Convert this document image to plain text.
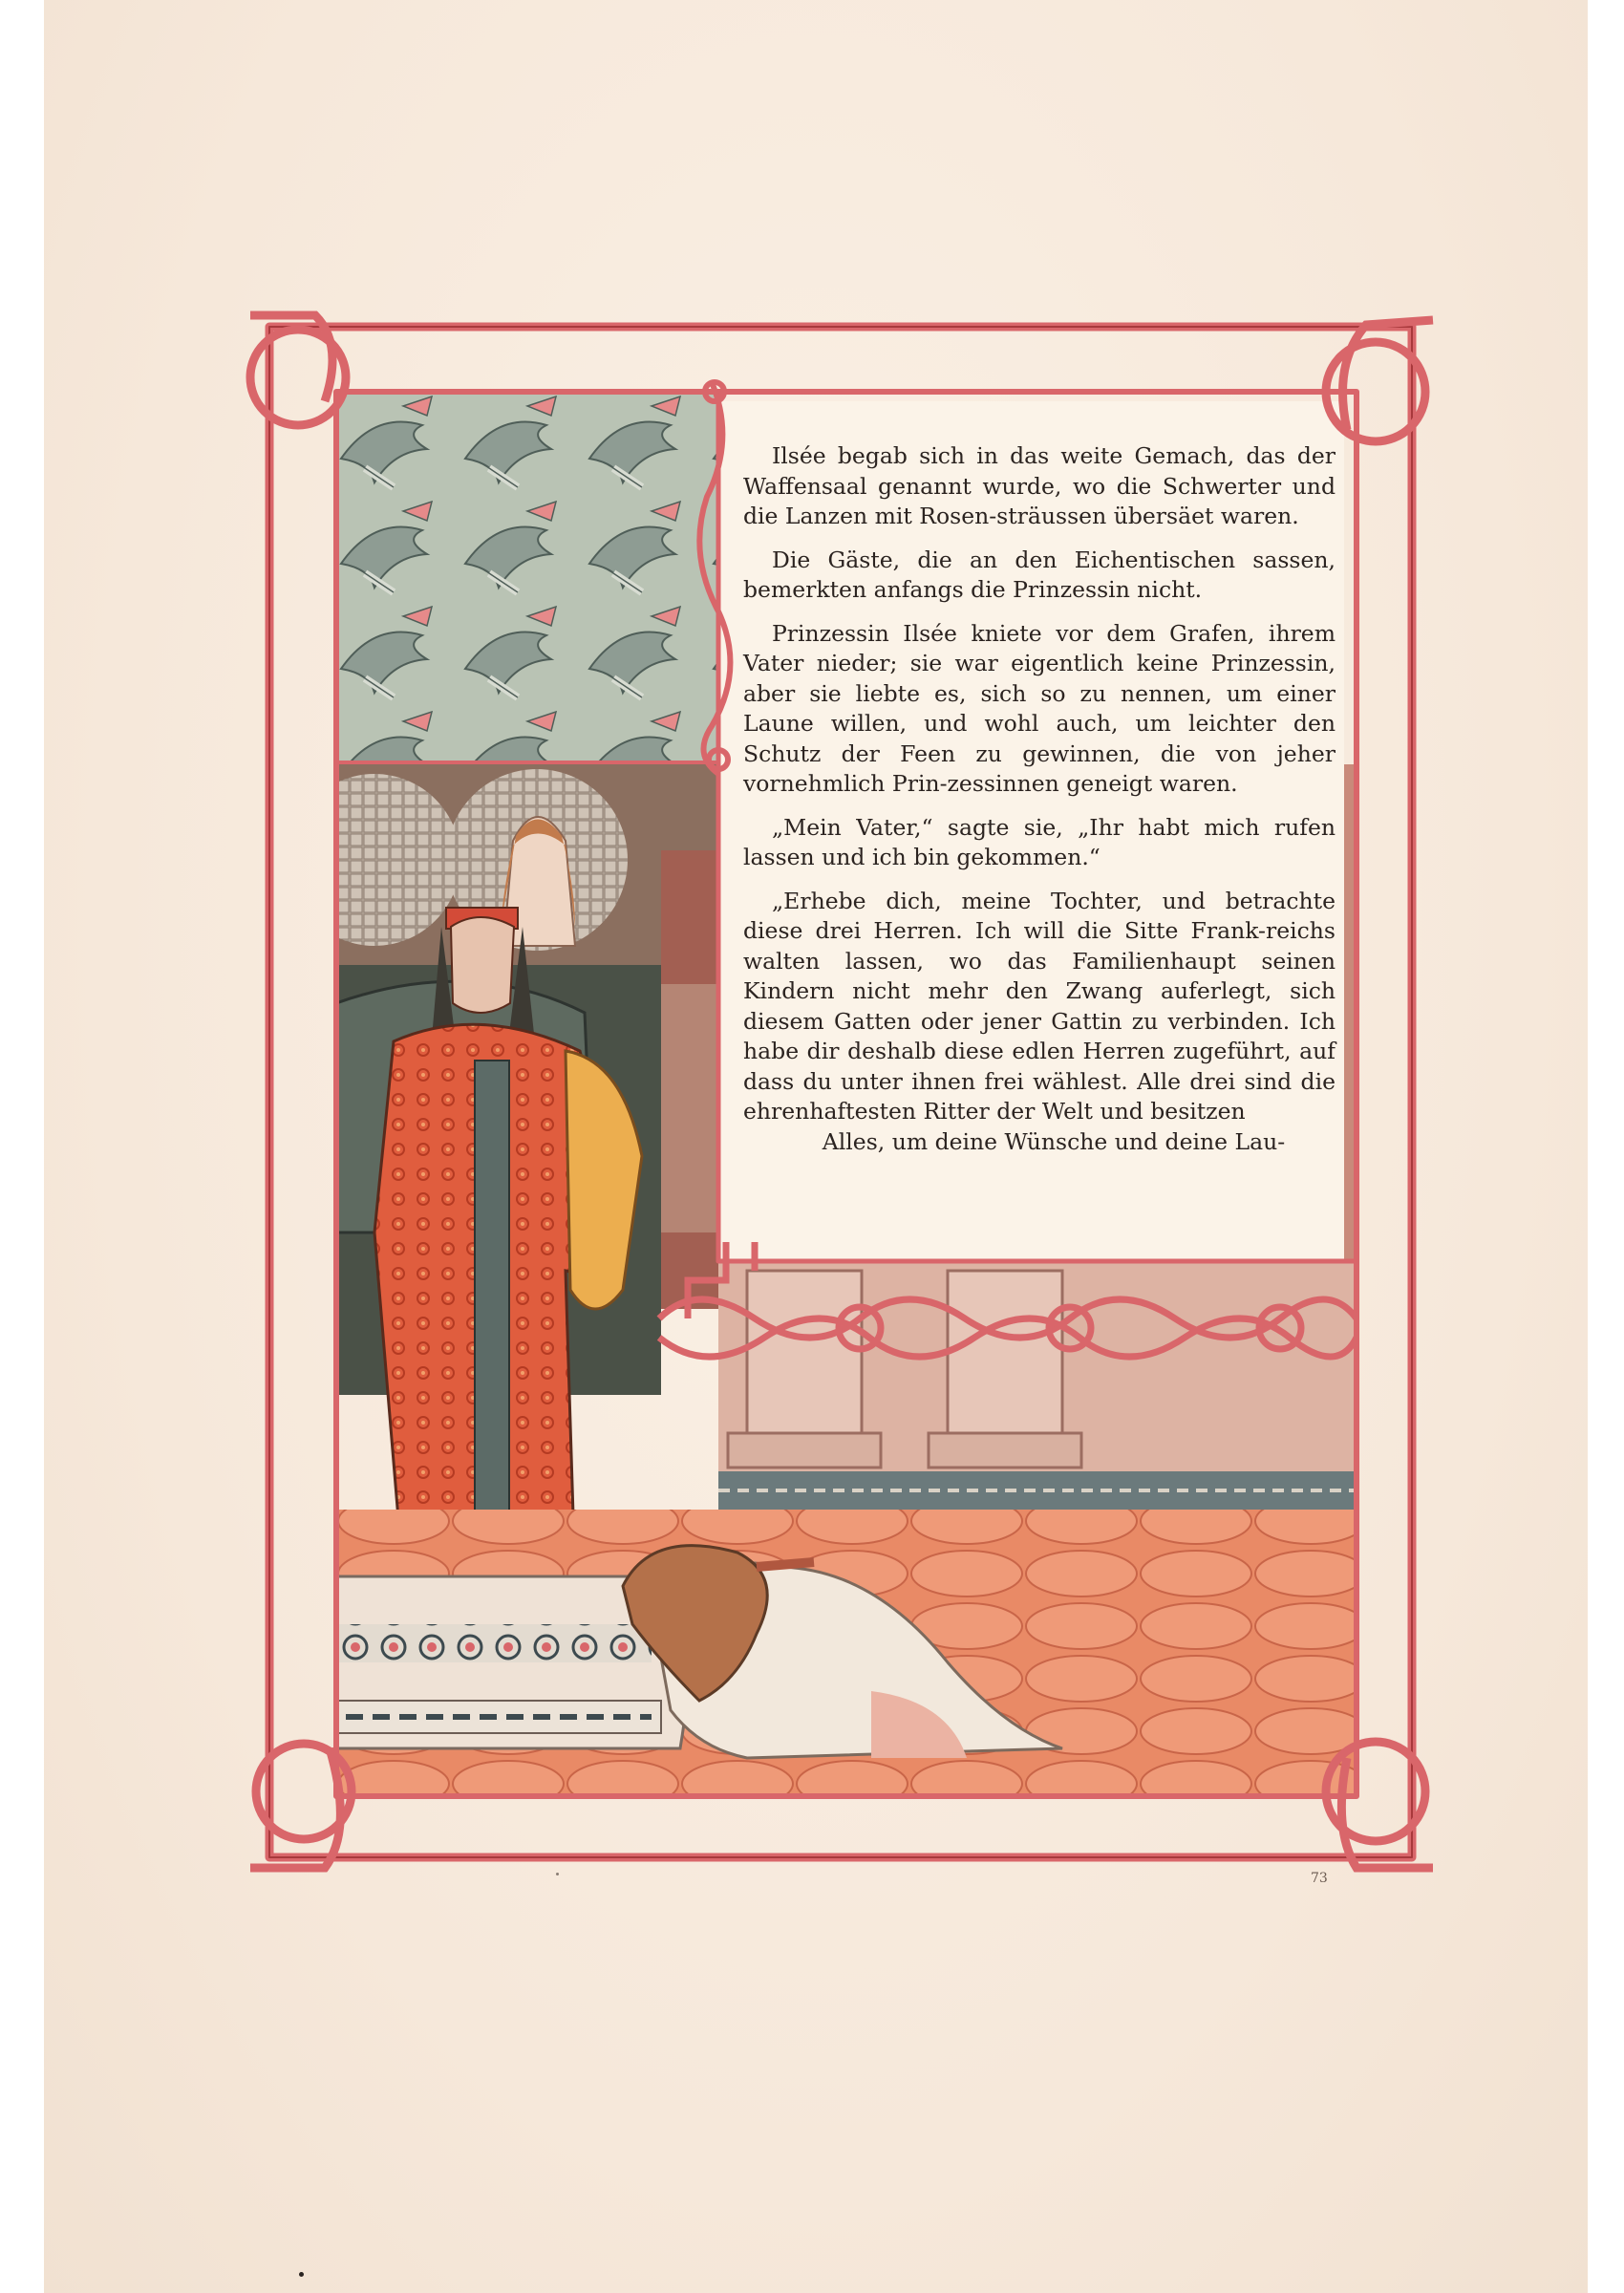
Ilsée begab sich in das weite Gemach, das der Waffensaal genannt wurde, wo die Schwerter und die Lanzen mit Rosen-sträussen übersäet waren.

Die Gäste, die an den Eichentischen sassen, bemerkten anfangs die Prinzessin nicht.

Prinzessin Ilsée kniete vor dem Grafen, ihrem Vater nieder; sie war eigentlich keine Prinzessin, aber sie liebte es, sich so zu nennen, um einer Laune willen, und wohl auch, um leichter den Schutz der Feen zu gewinnen, die von jeher vornehmlich Prin-zessinnen geneigt waren.

„Mein Vater,“ sagte sie, „Ihr habt mich rufen lassen und ich bin gekommen.“

„Erhebe dich, meine Tochter, und betrachte diese drei Herren. Ich will die Sitte Frank-reichs walten lassen, wo das Familienhaupt seinen Kindern nicht mehr den Zwang auferlegt, sich diesem Gatten oder jener Gattin zu verbinden. Ich habe dir deshalb diese edlen Herren zugeführt, auf dass du unter ihnen frei wählest. Alle drei sind die ehrenhaftesten Ritter der Welt und besitzen

Alles, um deine Wünsche und deine Lau-
73
